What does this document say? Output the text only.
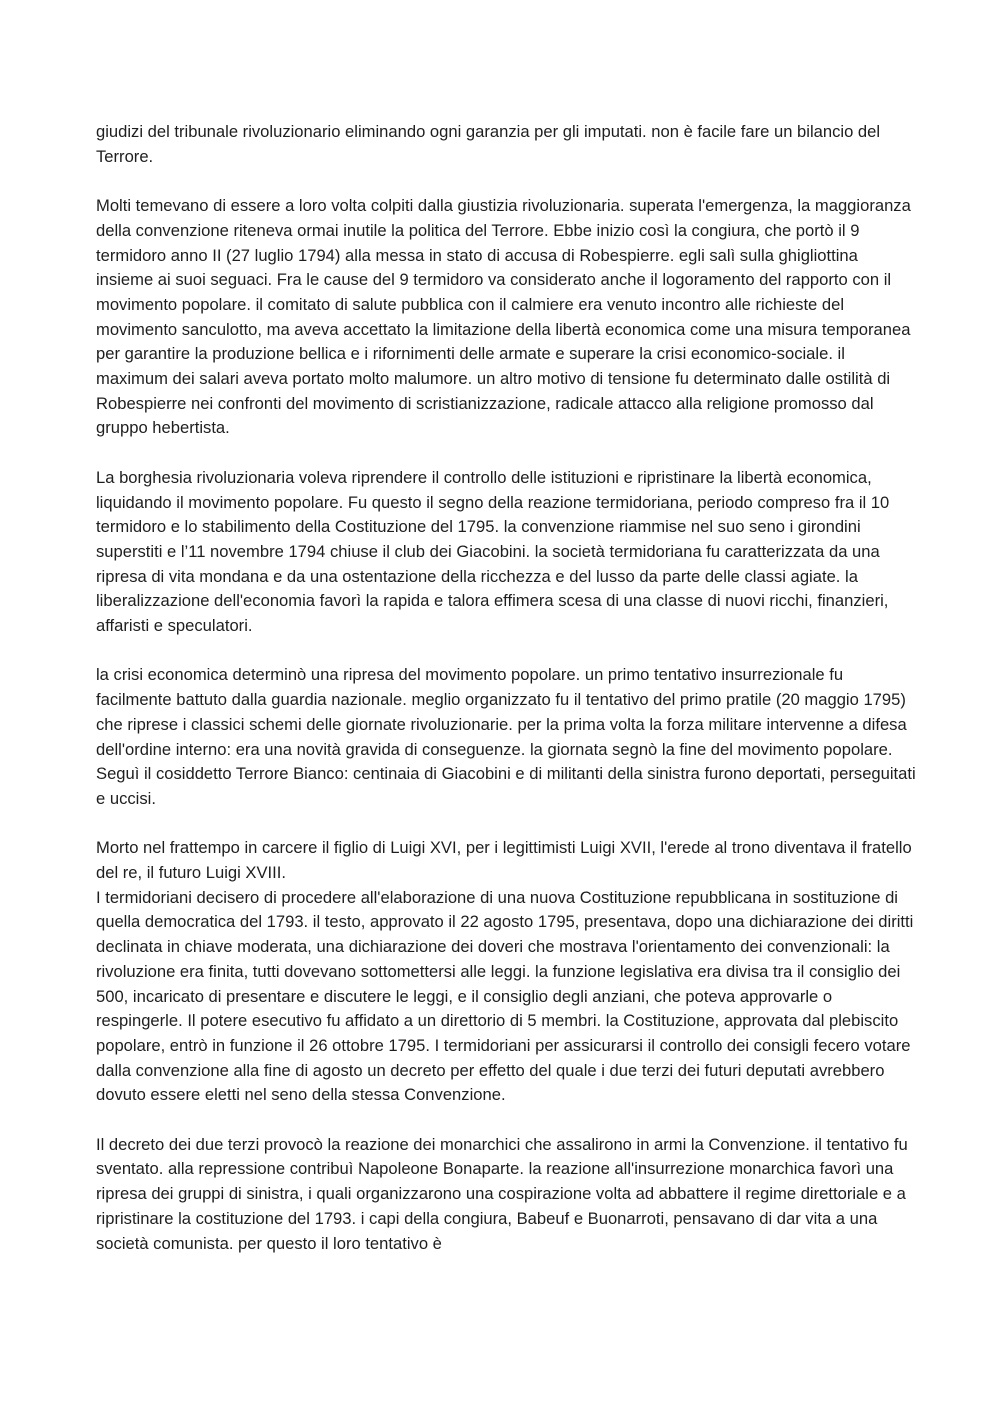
giudizi del tribunale rivoluzionario eliminando ogni garanzia per gli imputati. non è facile fare un bilancio del Terrore.

Molti temevano di essere a loro volta colpiti dalla giustizia rivoluzionaria. superata l'emergenza, la maggioranza della convenzione riteneva ormai inutile la politica del Terrore. Ebbe inizio così la congiura, che portò il 9 termidoro anno II (27 luglio 1794) alla messa in stato di accusa di Robespierre. egli salì sulla ghigliottina insieme ai suoi seguaci. Fra le cause del 9 termidoro va considerato anche il logoramento del rapporto con il movimento popolare. il comitato di salute pubblica con il calmiere era venuto incontro alle richieste del movimento sanculotto, ma aveva accettato la limitazione della libertà economica come una misura temporanea per garantire la produzione bellica e i rifornimenti delle armate e superare la crisi economico-sociale. il maximum dei salari aveva portato molto malumore. un altro motivo di tensione fu determinato dalle ostilità di Robespierre nei confronti del movimento di scristianizzazione, radicale attacco alla religione promosso dal gruppo hebertista.

La borghesia rivoluzionaria voleva riprendere il controllo delle istituzioni e ripristinare la libertà economica, liquidando il movimento popolare. Fu questo il segno della reazione termidoriana, periodo compreso fra il 10 termidoro e lo stabilimento della Costituzione del 1795. la convenzione riammise nel suo seno i girondini superstiti e l’11 novembre 1794 chiuse il club dei Giacobini. la società termidoriana fu caratterizzata da una ripresa di vita mondana e da una ostentazione della ricchezza e del lusso da parte delle classi agiate. la liberalizzazione dell'economia favorì la rapida e talora effimera scesa di una classe di nuovi ricchi, finanzieri, affaristi e speculatori.

la crisi economica determinò una ripresa del movimento popolare. un primo tentativo insurrezionale fu facilmente battuto dalla guardia nazionale. meglio organizzato fu il tentativo del primo pratile (20 maggio 1795) che riprese i classici schemi delle giornate rivoluzionarie. per la prima volta la forza militare intervenne a difesa dell'ordine interno: era una novità gravida di conseguenze. la giornata segnò la fine del movimento popolare. Seguì il cosiddetto Terrore Bianco: centinaia di Giacobini e di militanti della sinistra furono deportati, perseguitati e uccisi.

Morto nel frattempo in carcere il figlio di Luigi XVI, per i legittimisti Luigi XVII, l'erede al trono diventava il fratello del re, il futuro Luigi XVIII.

I termidoriani decisero di procedere all'elaborazione di una nuova Costituzione repubblicana in sostituzione di quella democratica del 1793. il testo, approvato il 22 agosto 1795, presentava, dopo una dichiarazione dei diritti declinata in chiave moderata, una dichiarazione dei doveri che mostrava l'orientamento dei convenzionali: la rivoluzione era finita, tutti dovevano sottomettersi alle leggi. la funzione legislativa era divisa tra il consiglio dei 500, incaricato di presentare e discutere le leggi, e il consiglio degli anziani, che poteva approvarle o respingerle. Il potere esecutivo fu affidato a un direttorio di 5 membri. la Costituzione, approvata dal plebiscito popolare, entrò in funzione il 26 ottobre 1795. I termidoriani per assicurarsi il controllo dei consigli fecero votare dalla convenzione alla fine di agosto un decreto per effetto del quale i due terzi dei futuri deputati avrebbero dovuto essere eletti nel seno della stessa Convenzione.

Il decreto dei due terzi provocò la reazione dei monarchici che assalirono in armi la Convenzione. il tentativo fu sventato. alla repressione contribuì Napoleone Bonaparte. la reazione all'insurrezione monarchica favorì una ripresa dei gruppi di sinistra, i quali organizzarono una cospirazione volta ad abbattere il regime direttoriale e a ripristinare la costituzione del 1793. i capi della congiura, Babeuf e Buonarroti, pensavano di dar vita a una società comunista. per questo il loro tentativo è
